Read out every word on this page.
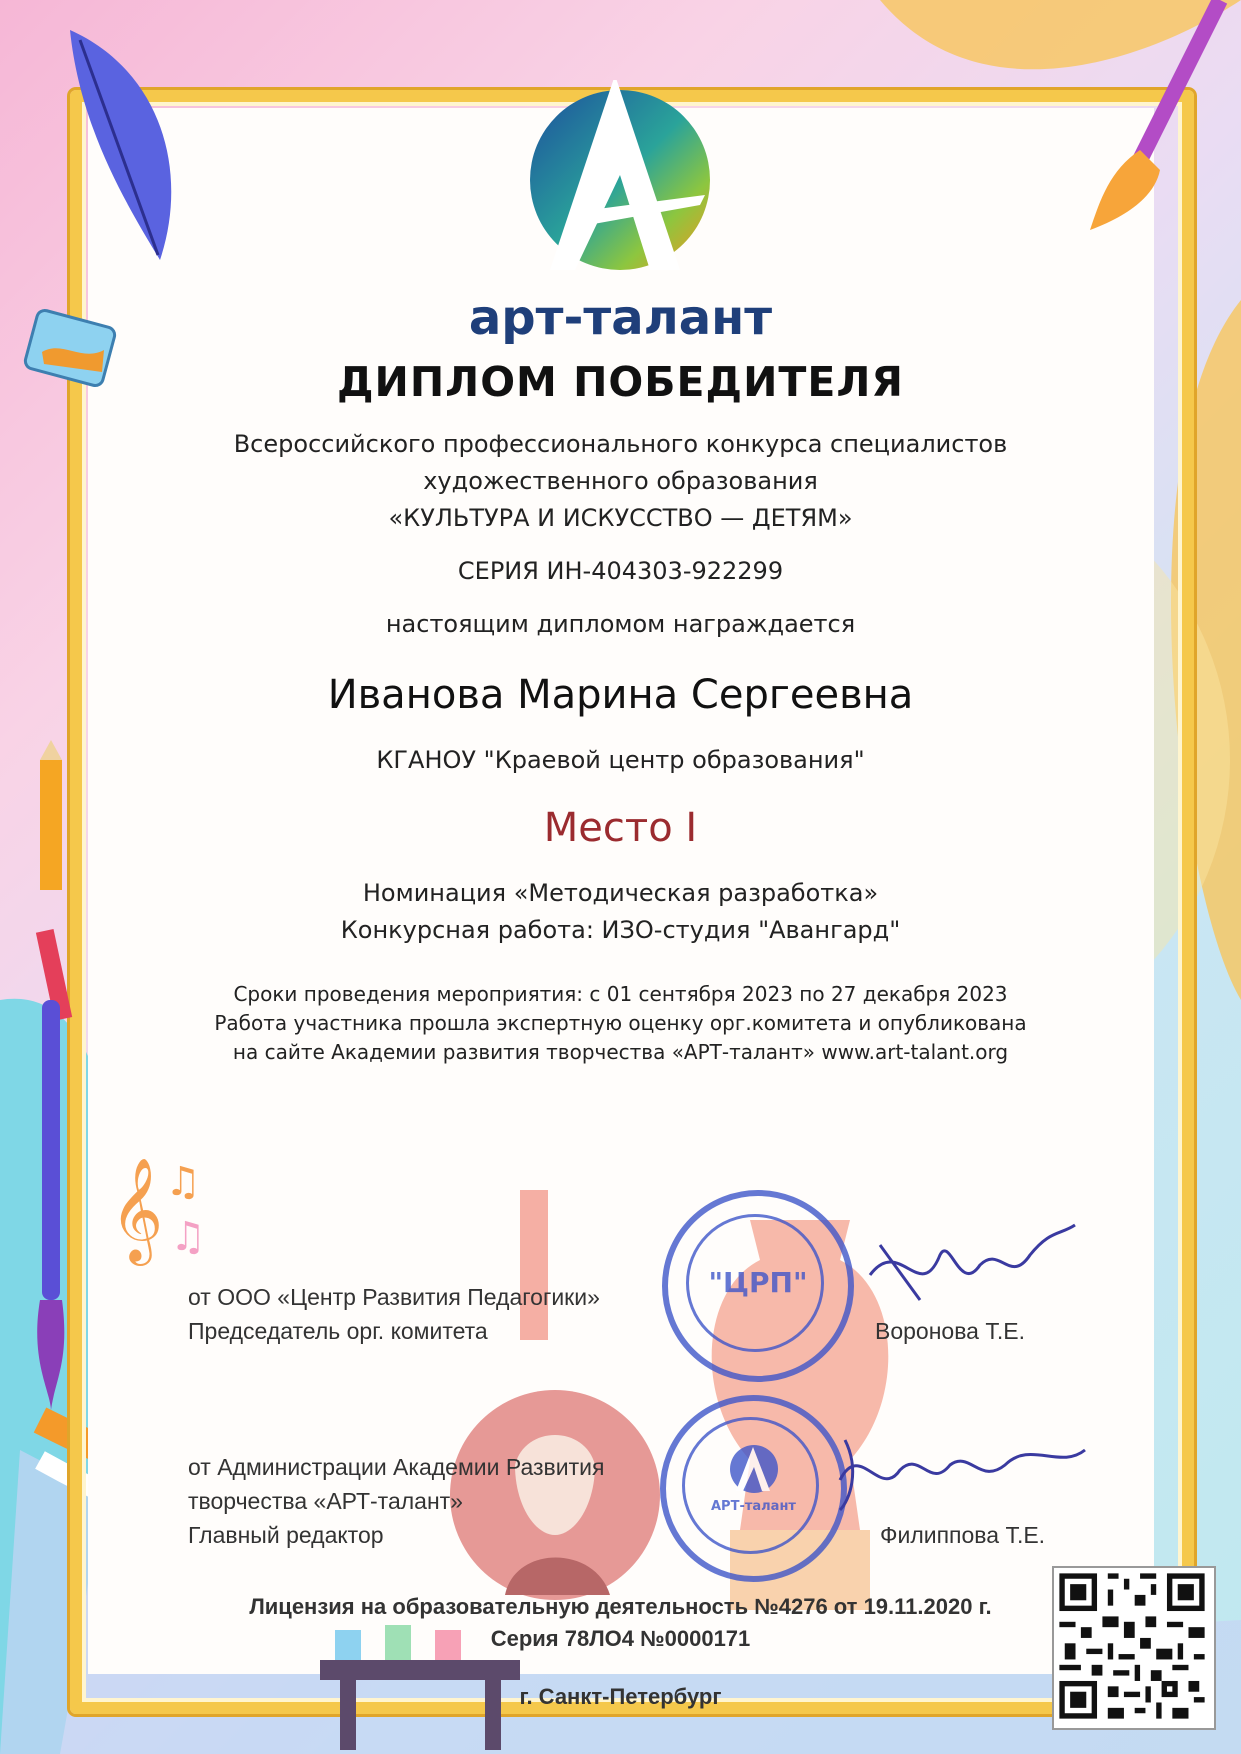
𝄞 ♫
♫
арт-талант
ДИПЛОМ ПОБЕДИТЕЛЯ
Всероссийского профессионального конкурса специалистов
художественного образования
«КУЛЬТУРА И ИСКУССТВО — ДЕТЯМ»
СЕРИЯ ИН-404303-922299
настоящим дипломом награждается
Иванова Марина Сергеевна
КГАНОУ "Краевой центр образования"
Место I
Номинация «Методическая разработка»
Конкурсная работа: ИЗО-студия "Авангард"
Сроки проведения мероприятия: с 01 сентября 2023 по 27 декабря 2023
Работа участника прошла экспертную оценку орг.комитета и опубликована
на сайте Академии развития творчества «АРТ-талант» www.art-talant.org
"ЦРП"
АРТ-талант
от ООО «Центр Развития Педагогики»
Председатель орг. комитета	Воронова Т.Е.
от Администрации Академии Развития
творчества «АРТ-талант»
Главный редактор	Филиппова Т.Е.
Лицензия на образовательную деятельность №4276 от 19.11.2020 г.
Серия 78ЛО4 №0000171
г. Санкт-Петербург
